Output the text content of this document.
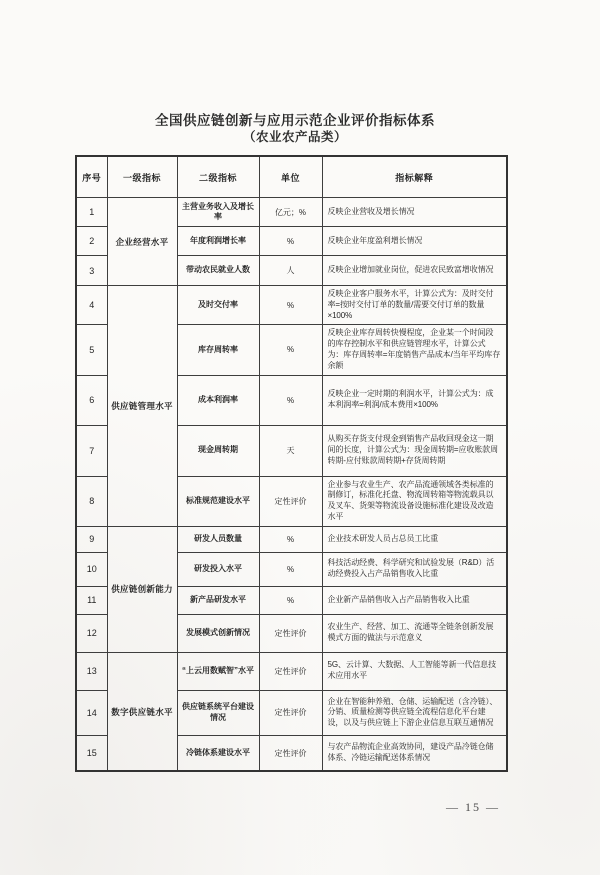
全国供应链创新与应用示范企业评价指标体系
（农业农产品类）
序号	一级指标	二级指标	单位	指标解释
1	企业经营水平	主营业务收入及增长率	亿元；%	反映企业营收及增长情况
2		年度利润增长率	%	反映企业年度盈利增长情况
3		带动农民就业人数	人	反映企业增加就业岗位，促进农民致富增收情况
4	供应链管理水平	及时交付率	%	反映企业客户服务水平，计算公式为：及时交付率=按时交付订单的数量/需要交付订单的数量×100%
5		库存周转率	%	反映企业库存周转快慢程度，企业某一个时间段的库存控制水平和供应链管理水平，计算公式为：库存周转率=年度销售产品成本/当年平均库存余额
6		成本利润率	%	反映企业一定时期的利润水平，计算公式为：成本利润率=利润/成本费用×100%
7		现金周转期	天	从购买存货支付现金到销售产品收回现金这一期间的长度，计算公式为：现金周转期=应收账款周转期-应付账款周转期+存货周转期
8		标准规范建设水平	定性评价	企业参与农业生产、农产品流通领域各类标准的制修订，标准化托盘、物流周转箱等物流载具以及叉车、货架等物流设备设施标准化建设及改造水平
9	供应链创新能力	研发人员数量	%	企业技术研发人员占总员工比重
10		研发投入水平	%	科技活动经费、科学研究和试验发展（R&D）活动经费投入占产品销售收入比重
11		新产品研发水平	%	企业新产品销售收入占产品销售收入比重
12		发展模式创新情况	定性评价	农业生产、经营、加工、流通等全链条创新发展模式方面的做法与示范意义
13	数字供应链水平	“上云用数赋智”水平	定性评价	5G、云计算、大数据、人工智能等新一代信息技术应用水平
14		供应链系统平台建设情况	定性评价	企业在智能种养殖、仓储、运输配送（含冷链）、分销、质量检测等供应链全流程信息化平台建设，以及与供应链上下游企业信息互联互通情况
15		冷链体系建设水平	定性评价	与农产品物流企业高效协同，建设产品冷链仓储体系、冷链运输配送体系情况
— 15 —
